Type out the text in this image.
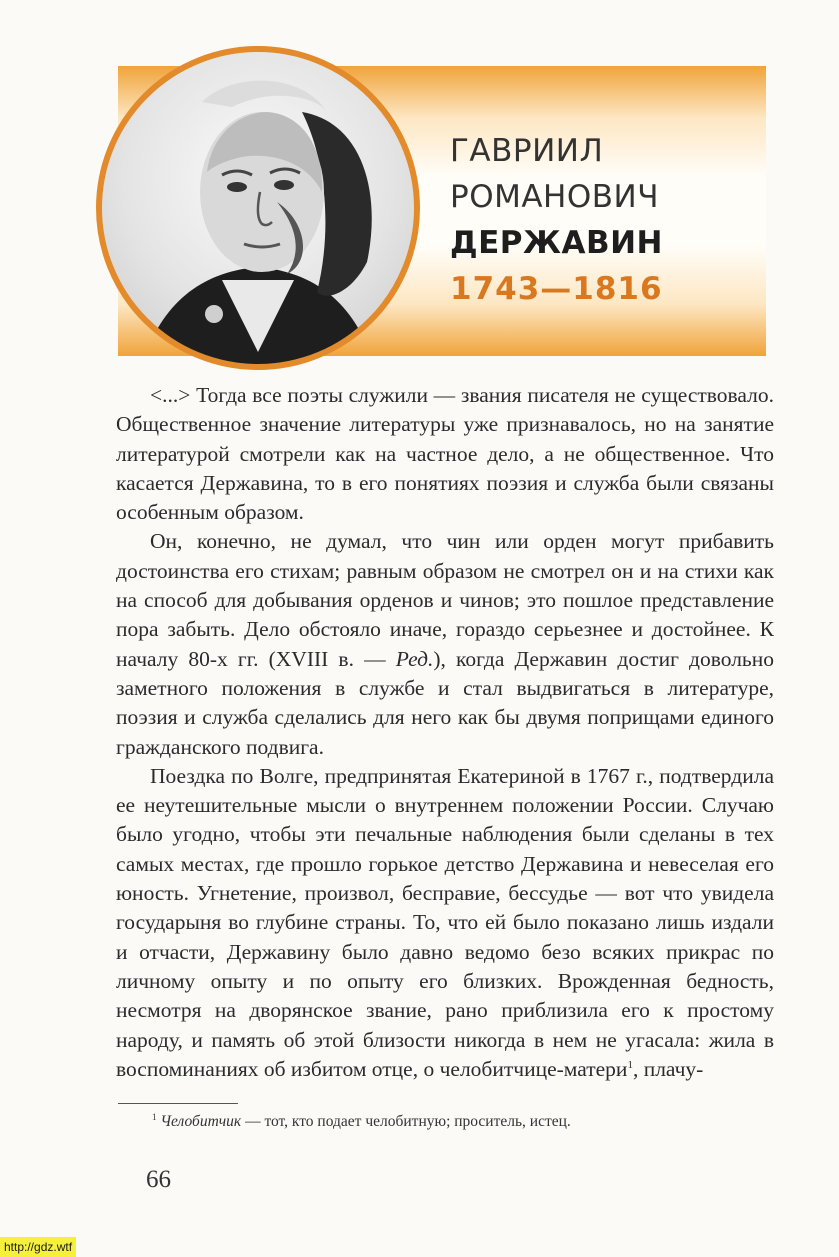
ГАВРИИЛ
РОМАНОВИЧ
ДЕРЖАВИН
1743—1816

<...> Тогда все поэты служили — звания писателя не существовало. Общественное значение литературы уже признавалось, но на занятие литературой смотрели как на частное дело, а не общественное. Что касается Державина, то в его понятиях поэзия и служба были связаны особенным образом.

Он, конечно, не думал, что чин или орден могут прибавить достоинства его стихам; равным образом не смотрел он и на стихи как на способ для добывания орденов и чинов; это пошлое представление пора забыть. Дело обстояло иначе, гораздо серьезнее и достойнее. К началу 80-х гг. (XVIII в. — Ред.), когда Державин достиг довольно заметного положения в службе и стал выдвигаться в литературе, поэзия и служба сделались для него как бы двумя поприщами единого гражданского подвига.

Поездка по Волге, предпринятая Екатериной в 1767 г., подтвердила ее неутешительные мысли о внутреннем положении России. Случаю было угодно, чтобы эти печальные наблюдения были сделаны в тех самых местах, где прошло горькое детство Державина и невеселая его юность. Угнетение, произвол, бесправие, бессудье — вот что увидела государыня во глубине страны. То, что ей было показано лишь издали и отчасти, Державину было давно ведомо безо всяких прикрас по личному опыту и по опыту его близких. Врожденная бедность, несмотря на дворянское звание, рано приблизила его к простому народу, и память об этой близости никогда в нем не угасала: жила в воспоминаниях об избитом отце, о челобитчице-матери$^1$, плачу-

$^1$ Челобитчик — тот, кто подает челобитную; проситель, истец.
66
http://gdz.wtf
